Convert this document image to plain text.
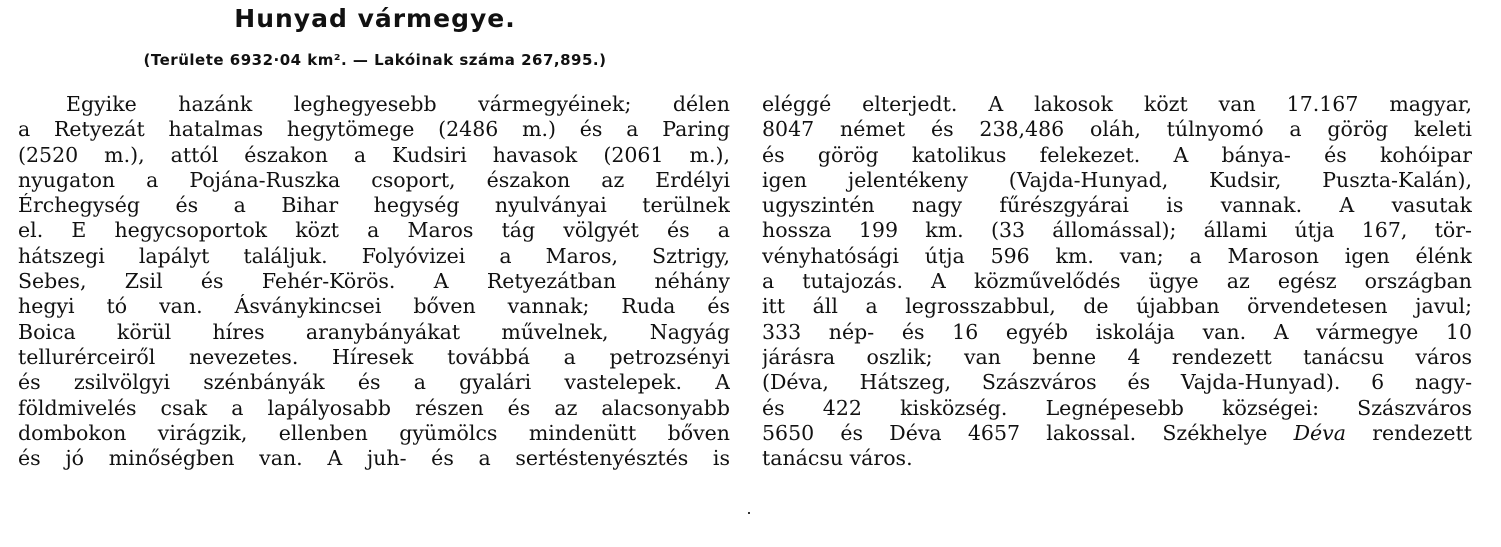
Hunyad vármegye.

(Területe 6932·04 km². — Lakóinak száma 267,895.)

Egyike hazánk leghegyesebb vármegyéinek; délen
a Retyezát hatalmas hegytömege (2486 m.) és a Paring
(2520 m.), attól északon a Kudsiri havasok (2061 m.),
nyugaton a Pojána-Ruszka csoport, északon az Erdélyi
Érchegység és a Bihar hegység nyulványai terülnek
el. E hegycsoportok közt a Maros tág völgyét és a
hátszegi lapályt találjuk. Folyóvizei a Maros, Sztrigy,
Sebes, Zsil és Fehér-Körös. A Retyezátban néhány
hegyi tó van. Ásványkincsei bőven vannak; Ruda és
Boica körül híres aranybányákat művelnek, Nagyág
tellurérceiről nevezetes. Híresek továbbá a petrozsényi
és zsilvölgyi szénbányák és a gyalári vastelepek. A
földmivelés csak a lapályosabb részen és az alacsonyabb
dombokon virágzik, ellenben gyümölcs mindenütt bőven
és jó minőségben van. A juh- és a sertéstenyésztés is
eléggé elterjedt. A lakosok közt van 17.167 magyar,
8047 német és 238,486 oláh, túlnyomó a görög keleti
és görög katolikus felekezet. A bánya- és kohóipar
igen jelentékeny (Vajda-Hunyad, Kudsir, Puszta-Kalán),
ugyszintén nagy fűrészgyárai is vannak. A vasutak
hossza 199 km. (33 állomással); állami útja 167, tör-
vényhatósági útja 596 km. van; a Maroson igen élénk
a tutajozás. A közművelődés ügye az egész országban
itt áll a legrosszabbul, de újabban örvendetesen javul;
333 nép- és 16 egyéb iskolája van. A vármegye 10
járásra oszlik; van benne 4 rendezett tanácsu város
(Déva, Hátszeg, Szászváros és Vajda-Hunyad). 6 nagy-
és 422 kisközség. Legnépesebb községei: Szászváros
5650 és Déva 4657 lakossal. Székhelye Déva rendezett
tanácsu város.
